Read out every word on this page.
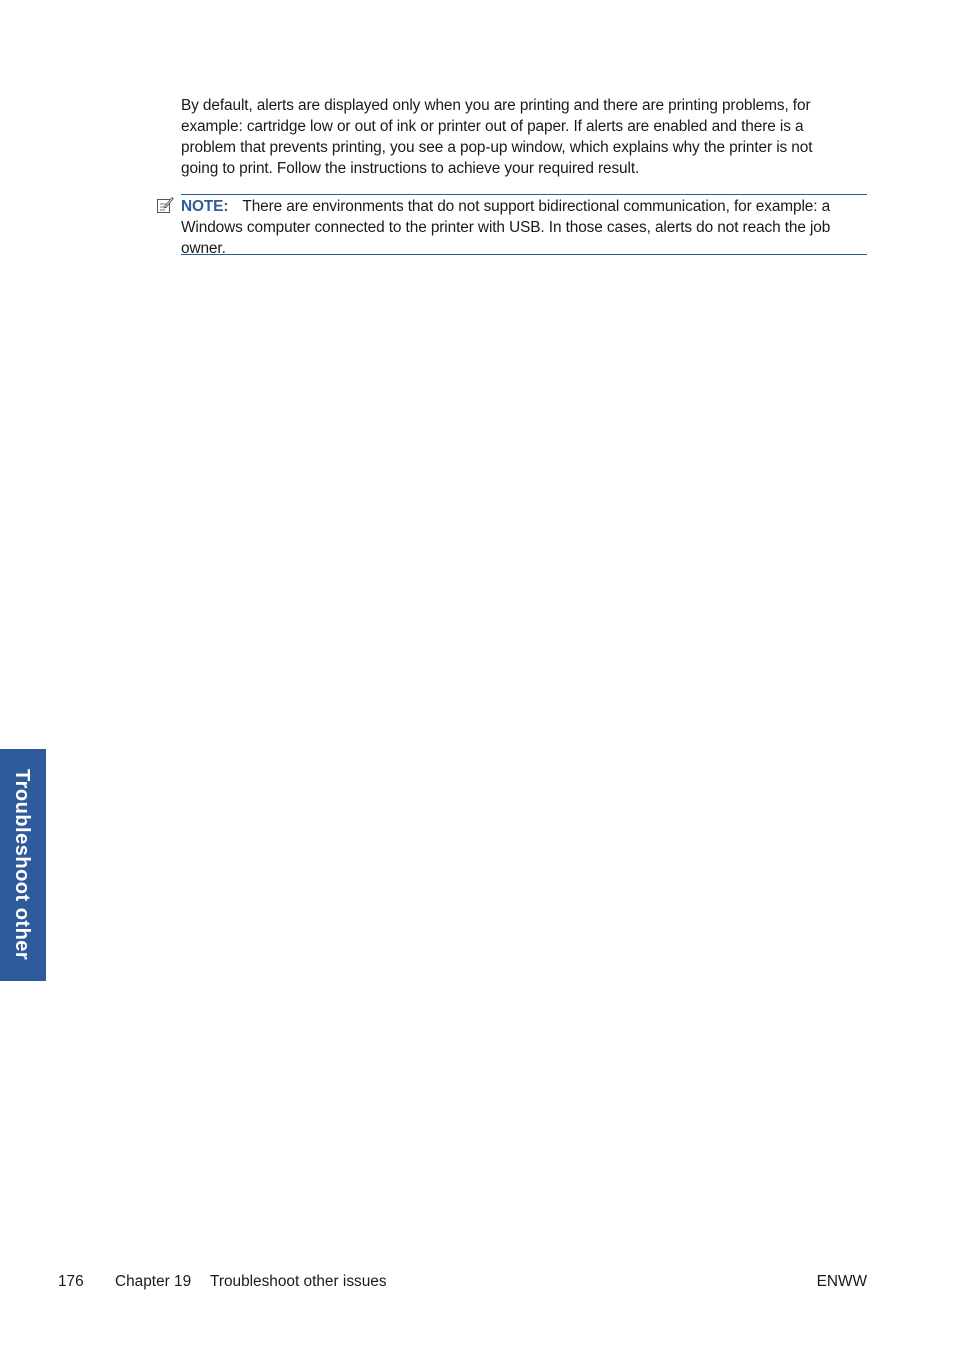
By default, alerts are displayed only when you are printing and there are printing problems, for example: cartridge low or out of ink or printer out of paper. If alerts are enabled and there is a problem that prevents printing, you see a pop-up window, which explains why the printer is not going to print. Follow the instructions to achieve your required result.

NOTE: There are environments that do not support bidirectional communication, for example: a Windows computer connected to the printer with USB. In those cases, alerts do not reach the job owner.

Troubleshoot other
176 Chapter 19 Troubleshoot other issues	ENWW
